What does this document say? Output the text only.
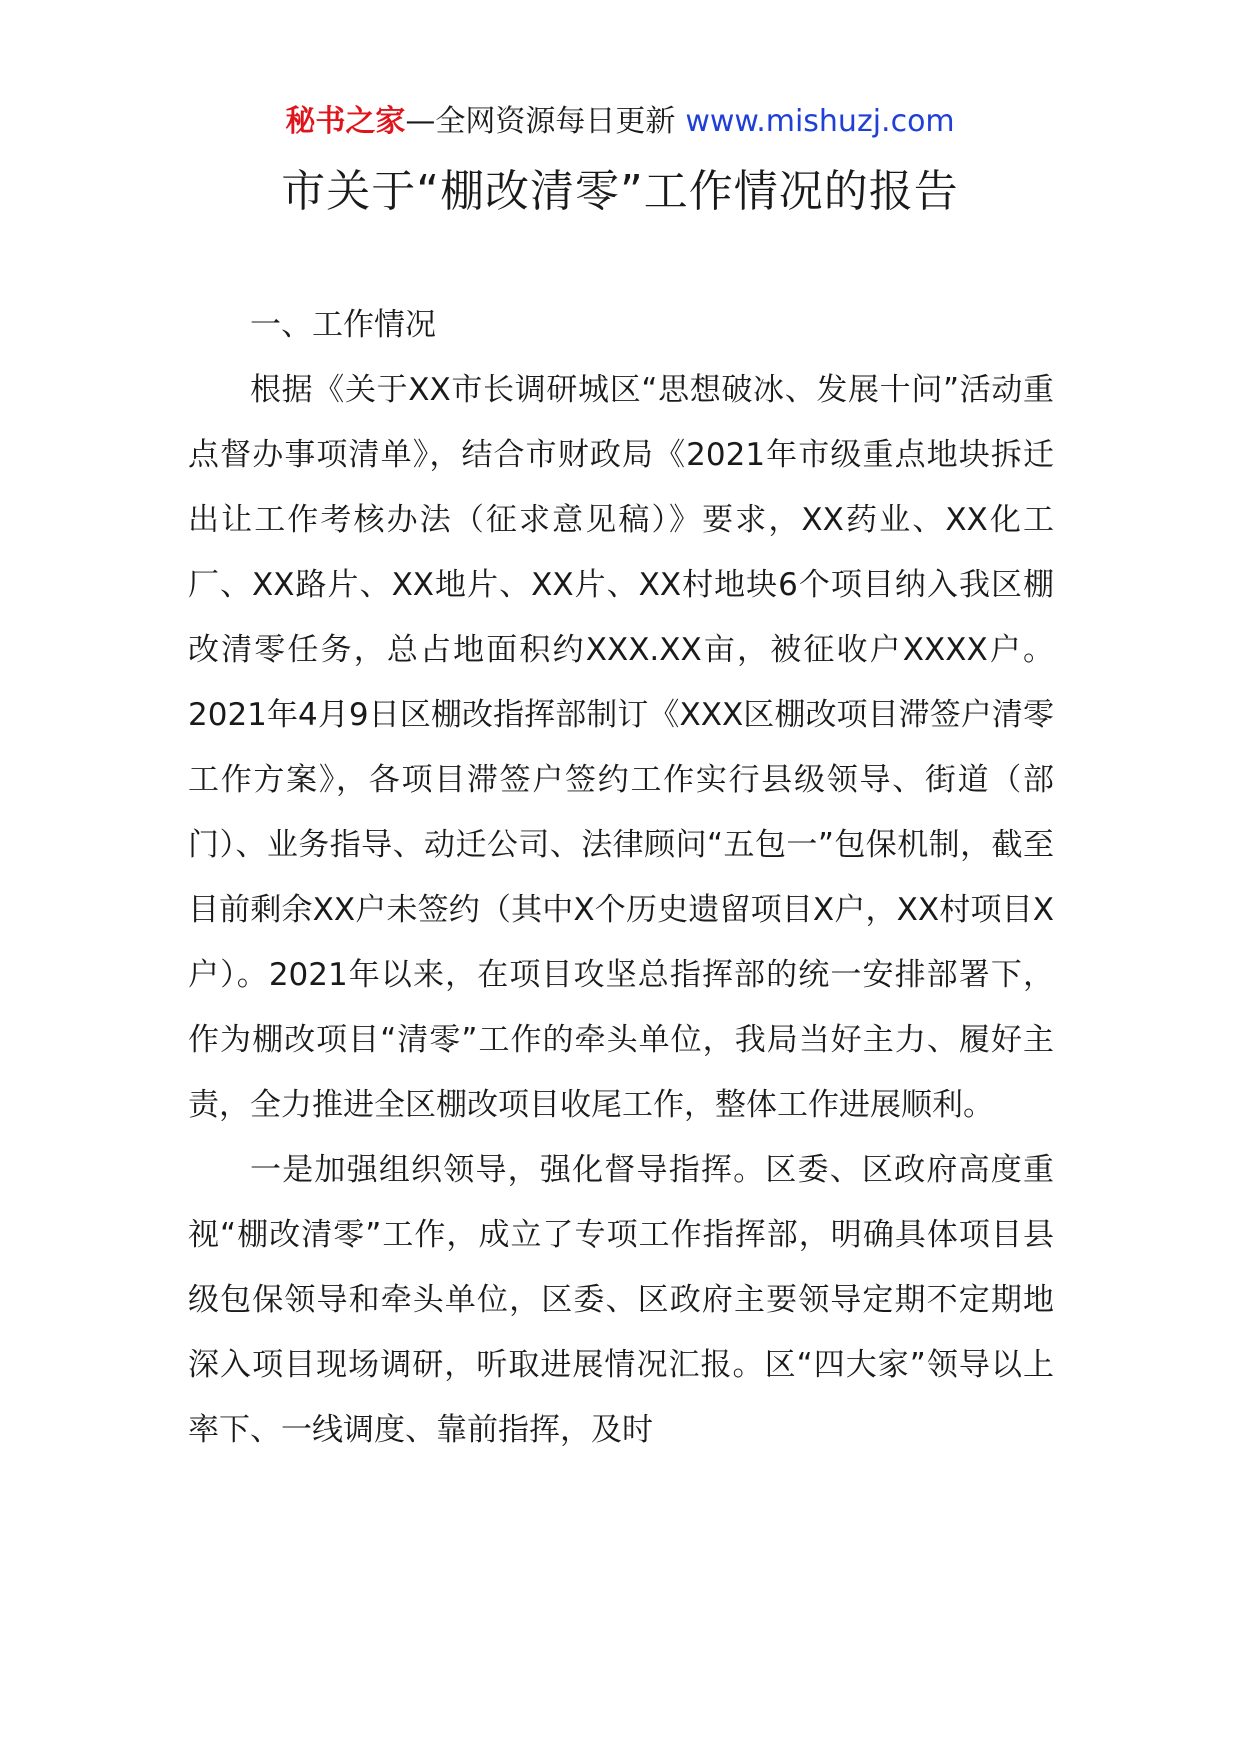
秘书之家—全网资源每日更新 www.mishuzj.com
市关于“棚改清零”工作情况的报告
一、工作情况

根据《关于XX市长调研城区“思想破冰、发展十问”活动重点督办事项清单》，结合市财政局《2021年市级重点地块拆迁出让工作考核办法（征求意见稿）》要求，XX药业、XX化工厂、XX路片、XX地片、XX片、XX村地块6个项目纳入我区棚改清零任务，总占地面积约XXX.XX亩，被征收户XXXX户。2021年4月9日区棚改指挥部制订《XXX区棚改项目滞签户清零工作方案》，各项目滞签户签约工作实行县级领导、街道（部门）、业务指导、动迁公司、法律顾问“五包一”包保机制，截至目前剩余XX户未签约（其中X个历史遗留项目X户，XX村项目X户）。2021年以来，在项目攻坚总指挥部的统一安排部署下，作为棚改项目“清零”工作的牵头单位，我局当好主力、履好主责，全力推进全区棚改项目收尾工作，整体工作进展顺利。

一是加强组织领导，强化督导指挥。区委、区政府高度重视“棚改清零”工作，成立了专项工作指挥部，明确具体项目县级包保领导和牵头单位，区委、区政府主要领导定期不定期地深入项目现场调研，听取进展情况汇报。区“四大家”领导以上率下、一线调度、靠前指挥，及时
